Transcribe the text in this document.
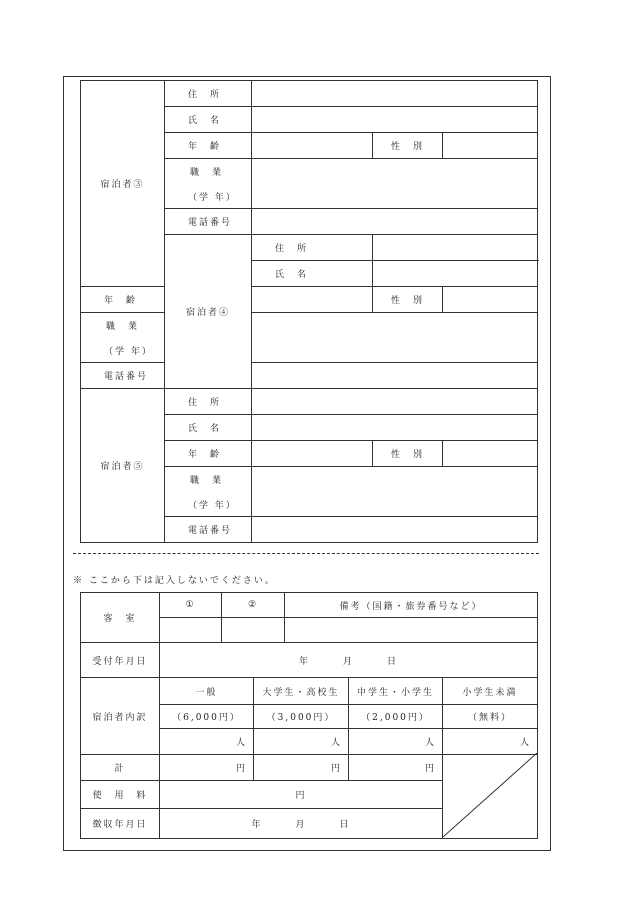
宿泊者③	住　所			
	氏　名			
	年　齢		性　別	

	職　業
（学 年）			

	電話番号			
	宿泊者④	住　所		
		氏　名		
年　齢			性　別	

職　業
（学 年）				

電話番号				
宿泊者⑤	住　所			
	氏　名			
	年　齢		性　別	

	職　業
（学 年）			

	電話番号			
※ ここから下は記入しないでください。
客　室	①	②		備考（国籍・旅券番号など）		

受付年月日	年　　　月　　　日					
宿泊者内訳	一般		大学生・高校生		中学生・小学生	小学生未満
	（6,000円）		（3,000円）		（2,000円）	（無料）
	人		人		人	人
計	円		円		円	
使　用　料	円					
徴収年月日	年　　　月　　　日					
